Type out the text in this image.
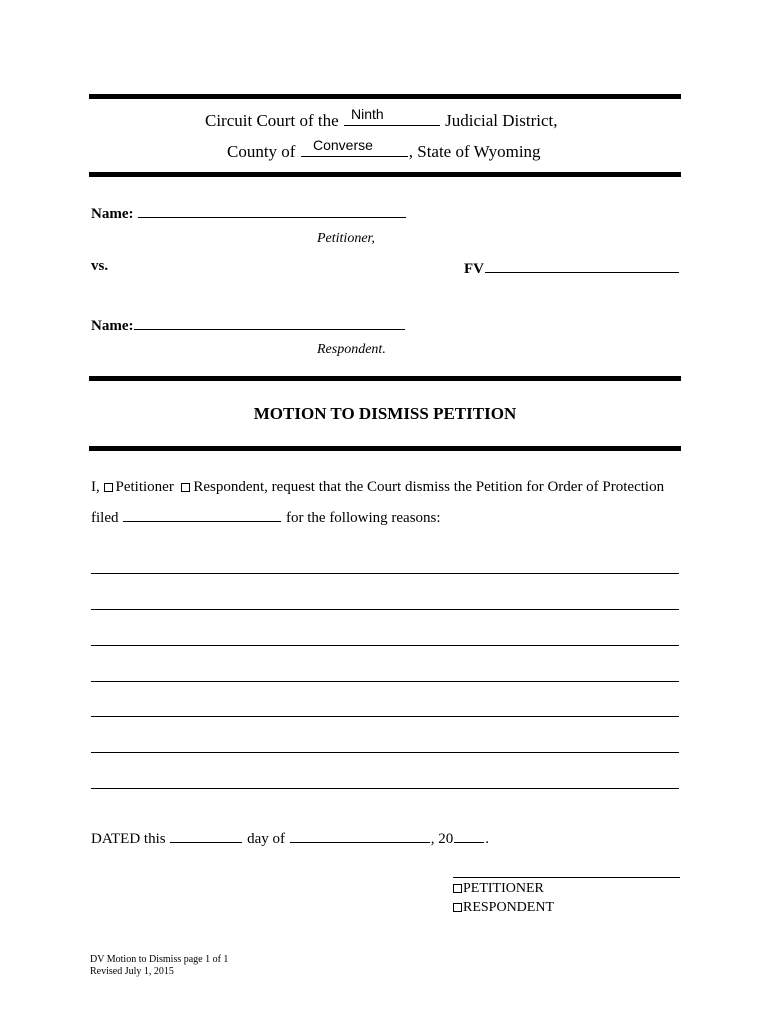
Circuit Court of the	Judicial District,
Ninth
County of	, State of Wyoming
Converse
Name:
Petitioner,
vs.	FV
Name:
Respondent.
MOTION TO DISMISS PETITION
I, Petitioner Respondent, request that the Court dismiss the Petition for Order of Protection
filed	for the following reasons:
DATED this	day of	, 20 .
PETITIONER
RESPONDENT
DV Motion to Dismiss page 1 of 1
Revised July 1, 2015
